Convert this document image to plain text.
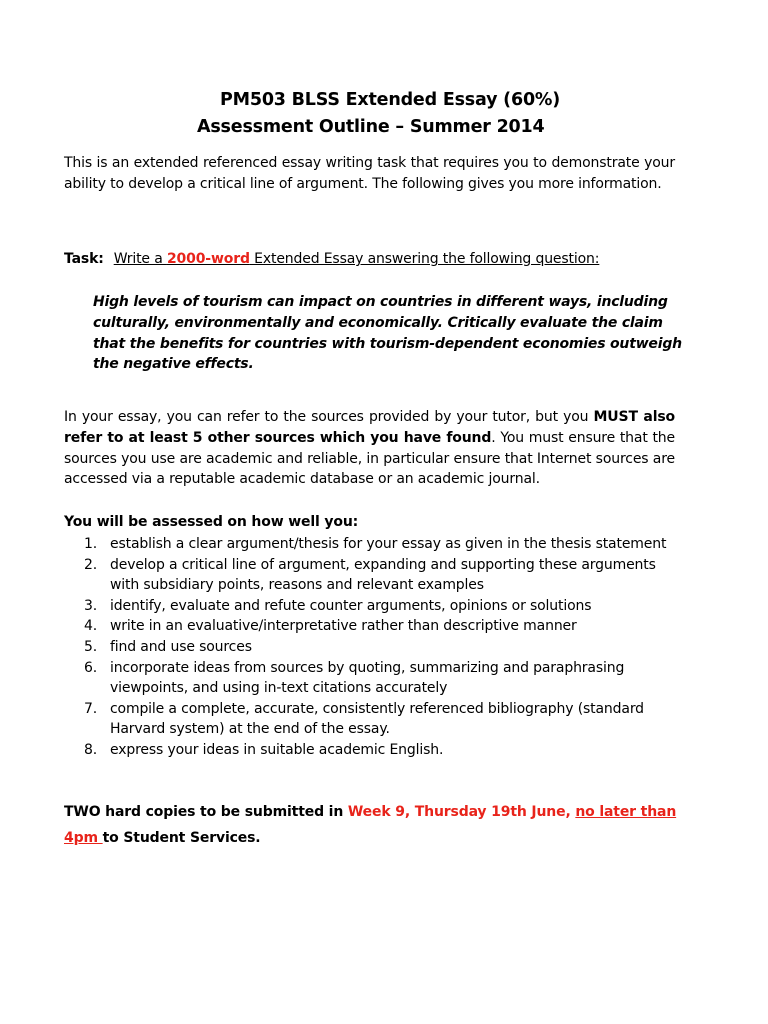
PM503 BLSS Extended Essay (60%)
Assessment Outline – Summer 2014
This is an extended referenced essay writing task that requires you to demonstrate your ability to develop a critical line of argument. The following gives you more information.
Task: Write a 2000-word Extended Essay answering the following question:
High levels of tourism can impact on countries in different ways, including
culturally, environmentally and economically. Critically evaluate the claim
that the benefits for countries with tourism-dependent economies outweigh
the negative effects.
In your essay, you can refer to the sources provided by your tutor, but you MUST also refer to at least 5 other sources which you have found. You must ensure that the sources you use are academic and reliable, in particular ensure that Internet sources are accessed via a reputable academic database or an academic journal.
You will be assessed on how well you:
1. establish a clear argument/thesis for your essay as given in the thesis statement
2. develop a critical line of argument, expanding and supporting these arguments with subsidiary points, reasons and relevant examples
3. identify, evaluate and refute counter arguments, opinions or solutions
4. write in an evaluative/interpretative rather than descriptive manner
5. find and use sources
6. incorporate ideas from sources by quoting, summarizing and paraphrasing viewpoints, and using in-text citations accurately
7. compile a complete, accurate, consistently referenced bibliography (standard Harvard system) at the end of the essay.
8. express your ideas in suitable academic English.
TWO hard copies to be submitted in Week 9, Thursday 19th June, no later than 4pm to Student Services.
